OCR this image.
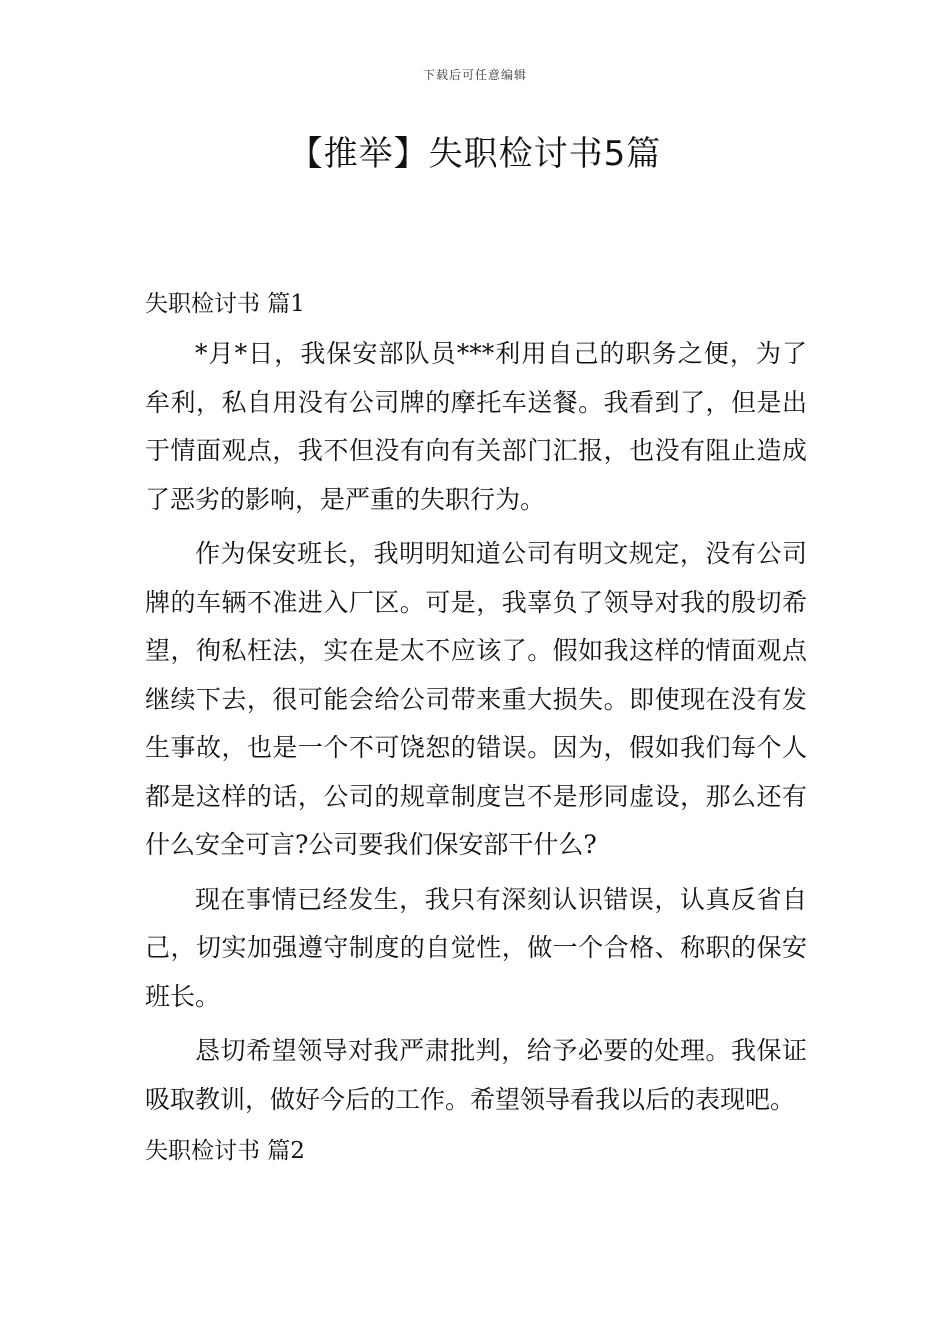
下载后可任意编辑
【推举】失职检讨书5篇
失职检讨书 篇1

*月*日，我保安部队员***利用自己的职务之便，为了牟利，私自用没有公司牌的摩托车送餐。我看到了，但是出于情面观点，我不但没有向有关部门汇报，也没有阻止造成了恶劣的影响，是严重的失职行为。

作为保安班长，我明明知道公司有明文规定，没有公司牌的车辆不准进入厂区。可是，我辜负了领导对我的殷切希望，徇私枉法，实在是太不应该了。假如我这样的情面观点继续下去，很可能会给公司带来重大损失。即使现在没有发生事故，也是一个不可饶恕的错误。因为，假如我们每个人都是这样的话，公司的规章制度岂不是形同虚设，那么还有什么安全可言?公司要我们保安部干什么?

现在事情已经发生，我只有深刻认识错误，认真反省自己，切实加强遵守制度的自觉性，做一个合格、称职的保安班长。

恳切希望领导对我严肃批判，给予必要的处理。我保证吸取教训，做好今后的工作。希望领导看我以后的表现吧。

失职检讨书 篇2
